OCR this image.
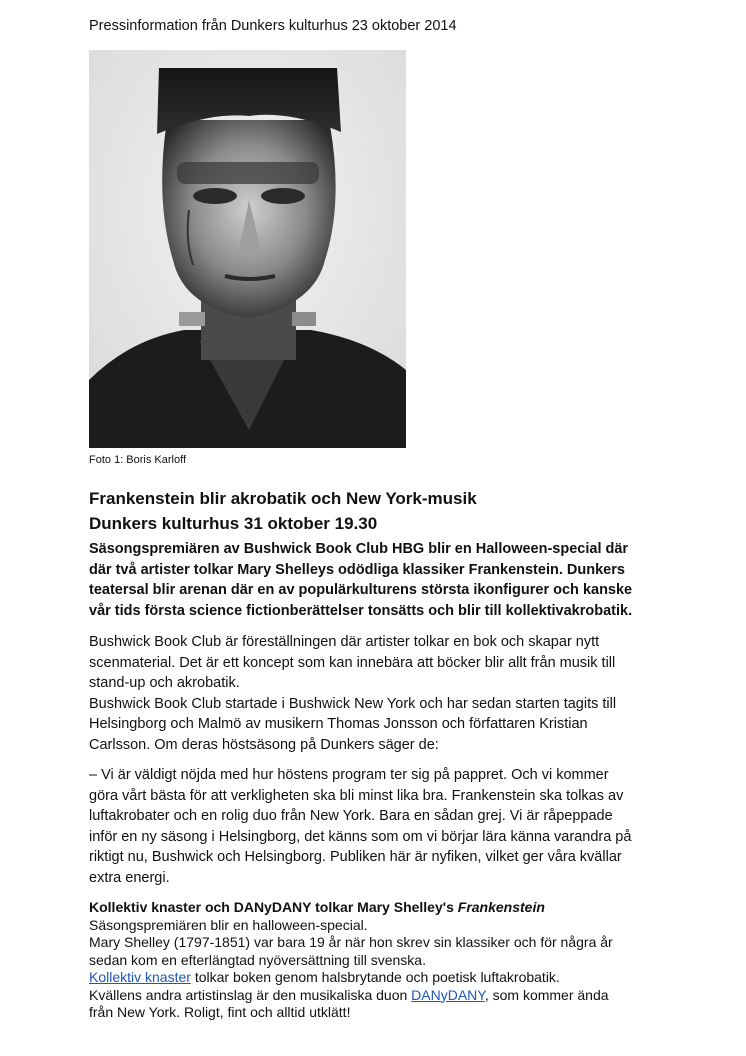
Pressinformation från Dunkers kulturhus 23 oktober 2014
Foto 1: Boris Karloff
Frankenstein blir akrobatik och New York-musik
Dunkers kulturhus 31 oktober 19.30
Säsongspremiären av Bushwick Book Club HBG blir en Halloween-special där
där två artister tolkar Mary Shelleys odödliga klassiker Frankenstein. Dunkers
teatersal blir arenan där en av populärkulturens största ikonfigurer och kanske
vår tids första science fictionberättelser tonsätts och blir till kollektivakrobatik.
Bushwick Book Club är föreställningen där artister tolkar en bok och skapar nytt
scenmaterial. Det är ett koncept som kan innebära att böcker blir allt från musik till
stand-up och akrobatik.
Bushwick Book Club startade i Bushwick New York och har sedan starten tagits till
Helsingborg och Malmö av musikern Thomas Jonsson och författaren Kristian
Carlsson. Om deras höstsäsong på Dunkers säger de:
– Vi är väldigt nöjda med hur höstens program ter sig på pappret. Och vi kommer
göra vårt bästa för att verkligheten ska bli minst lika bra. Frankenstein ska tolkas av
luftakrobater och en rolig duo från New York. Bara en sådan grej. Vi är råpeppade
inför en ny säsong i Helsingborg, det känns som om vi börjar lära känna varandra på
riktigt nu, Bushwick och Helsingborg. Publiken här är nyfiken, vilket ger våra kvällar
extra energi.
Kollektiv knaster och DANyDANY tolkar Mary Shelley's Frankenstein
Säsongspremiären blir en halloween-special.
Mary Shelley (1797-1851) var bara 19 år när hon skrev sin klassiker och för några år
sedan kom en efterlängtad nyöversättning till svenska.
Kollektiv knaster tolkar boken genom halsbrytande och poetisk luftakrobatik.
Kvällens andra artistinslag är den musikaliska duon DANyDANY, som kommer ända
från New York. Roligt, fint och alltid utklätt!
